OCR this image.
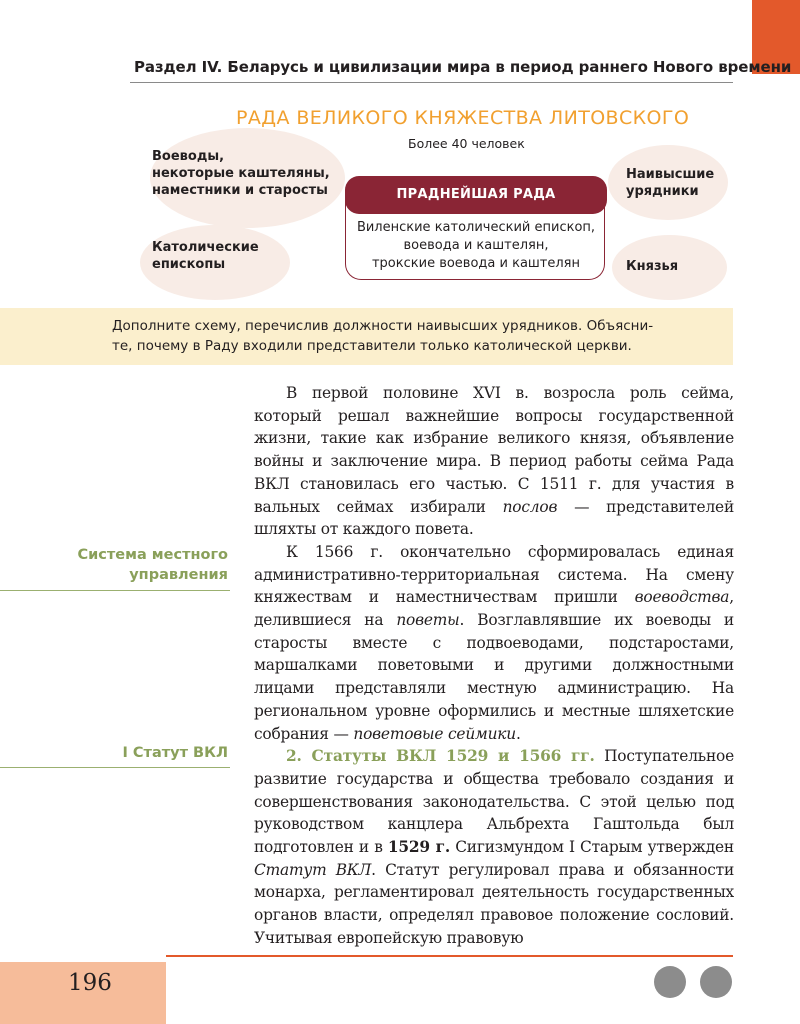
Раздел IV. Беларусь и цивилизации мира в период раннего Нового времени
РАДА ВЕЛИКОГО КНЯЖЕСТВА ЛИТОВСКОГО
Более 40 человек
Воеводы,
некоторые каштеляны,
наместники и старосты
Католические
епископы
Наивысшие
урядники
Князья
ПРАДНЕЙШАЯ РАДА
Виленские католический епископ,
воевода и каштелян,
трокские воевода и каштелян
Дополните схему, перечислив должности наивысших урядников. Объясни-
те, почему в Раду входили представители только католической церкви.
Система местного управления
I Статут ВКЛ

В первой половине XVI в. возросла роль сейма, который решал важнейшие вопросы государственной жизни, такие как избрание великого князя, объявление войны и заключение мира. В период работы сейма Рада ВКЛ становилась его частью. С 1511 г. для участия в вальных сеймах избирали послов — представителей шляхты от каждого повета.

К 1566 г. окончательно сформировалась единая административно-территориальная система. На смену княжествам и наместничествам пришли воеводства, делившиеся на поветы. Возглавлявшие их воеводы и старосты вместе с подвоеводами, подстаростами, маршалками поветовыми и другими должностными лицами представляли местную администрацию. На региональном уровне оформились и местные шляхетские собрания — поветовые сеймики.

2. Статуты ВКЛ 1529 и 1566 гг. Поступательное развитие государства и общества требовало создания и совершенствования законодательства. С этой целью под руководством канцлера Альбрехта Гаштольда был подготовлен и в 1529 г. Сигизмундом I Старым утвержден Статут ВКЛ. Статут регулировал права и обязанности монарха, регламентировал деятельность государственных органов власти, определял правовое положение сословий. Учитывая европейскую правовую

196
